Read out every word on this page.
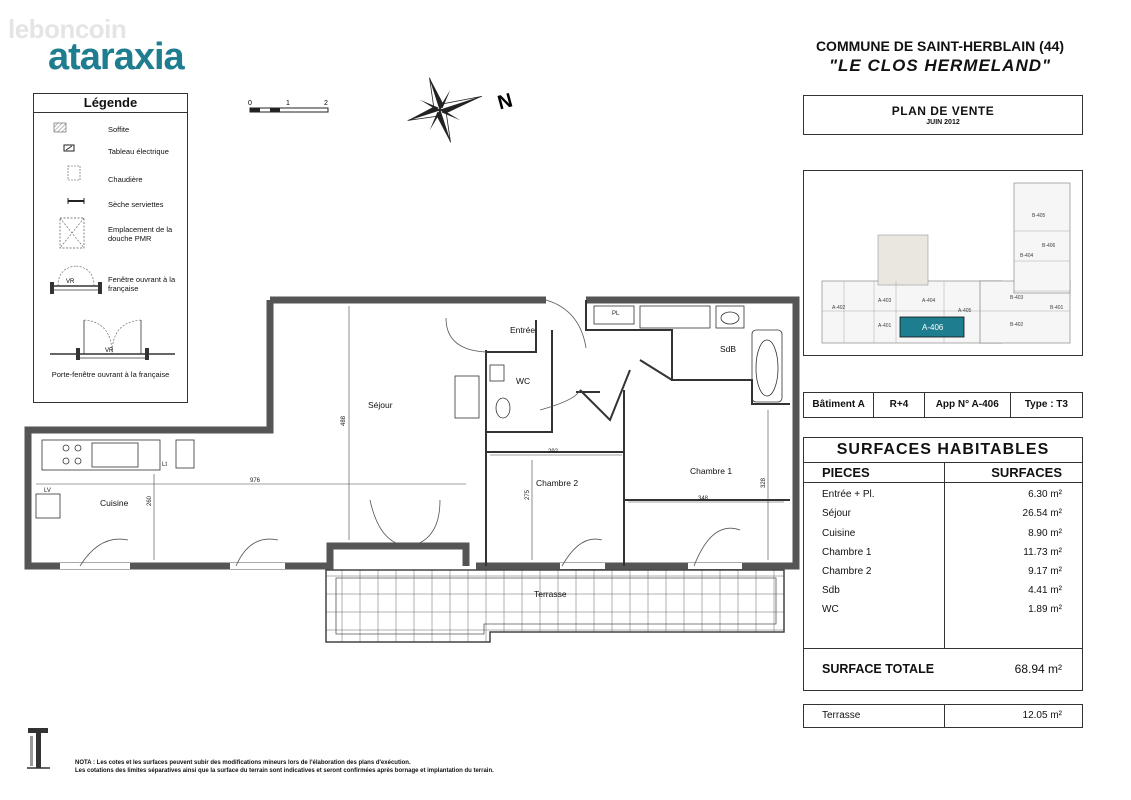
leboncoin
ataraxia	COMMUNE DE SAINT-HERBLAIN (44)
"LE CLOS HERMELAND"
Légende
Soffite
Tableau électrique
Chaudière
Sèche serviettes
Emplacement de la douche PMR
VR	Fenêtre ouvrant à la française
VR
Porte-fenêtre ouvrant à la française
0	1	2	N	PLAN DE VENTE
JUIN 2012
A-402
A-403	A-404
A-401
A-405
B-405
B-406
B-404
B-403
B-401
B-402
A-406
Bâtiment A	R+4	App N° A-406	Type : T3
SURFACES HABITABLES
PIECES	SURFACES
Entrée + Pl.	6.30 m²
Séjour	26.54 m²
Cuisine	8.90 m²
Chambre 1	11.73 m²
Chambre 2	9.17 m²
Sdb	4.41 m²
WC	1.89 m²
SURFACE TOTALE	68.94 m²
Terrasse	12.05 m²
Séjour
Entrée
WC
SdB
Chambre 1
Chambre 2
Cuisine
Terrasse
PL
LV
Lt
488
976
260
292
275	348
328
NOTA : Les cotes et les surfaces peuvent subir des modifications mineurs lors de l'élaboration des plans d'exécution.
Les cotations des limites séparatives ainsi que la surface du terrain sont indicatives et seront confirmées après bornage et implantation du terrain.
